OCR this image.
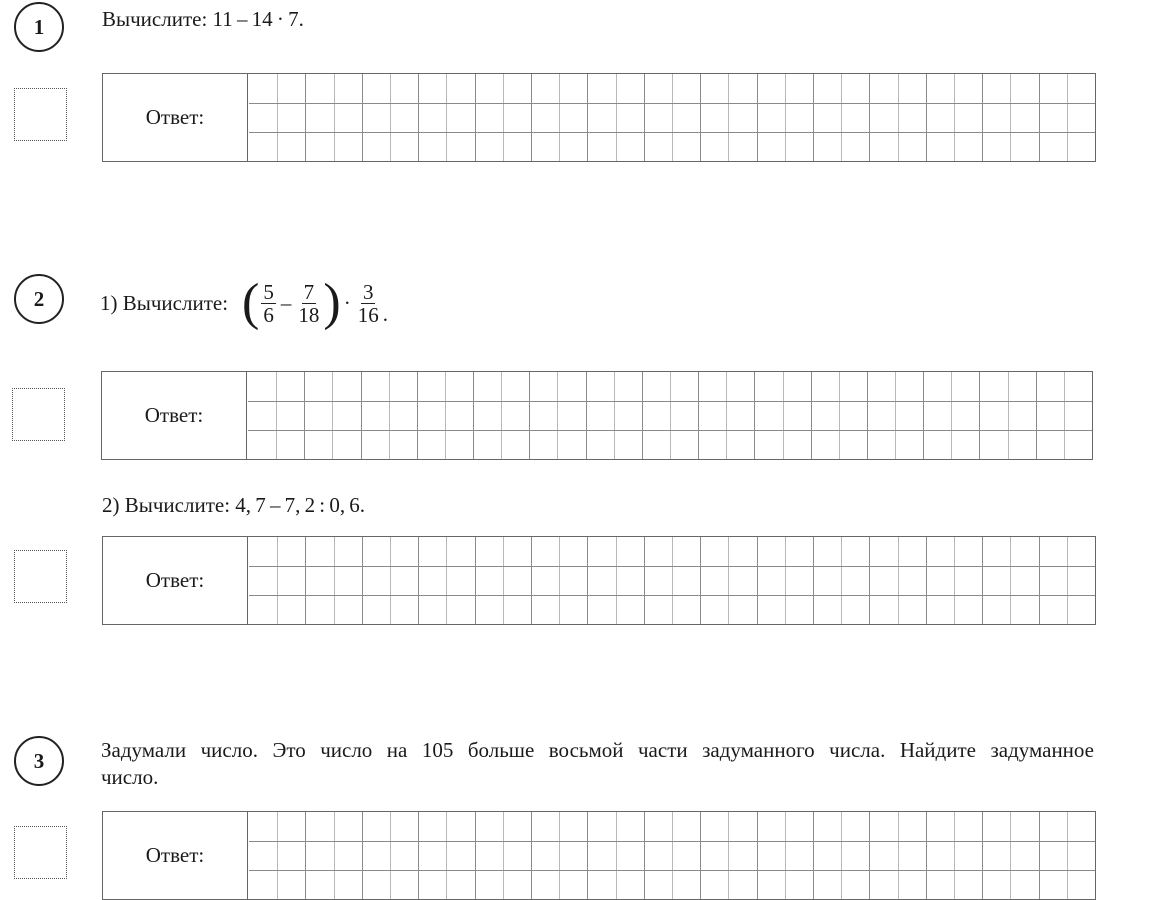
1	Вычислите: 11 – 14 · 7.
Ответ:
2	1) Вычислите: ( $\frac{5}{6} - \frac{7}{18}$ ) · $\frac{3}{16}$ .
Ответ:
2) Вычислите: 4, 7 – 7, 2 : 0, 6.
Ответ:
3	Задумали число. Это число на 105 больше восьмой части задуманного числа. Найдите задуманное число.
Ответ:
